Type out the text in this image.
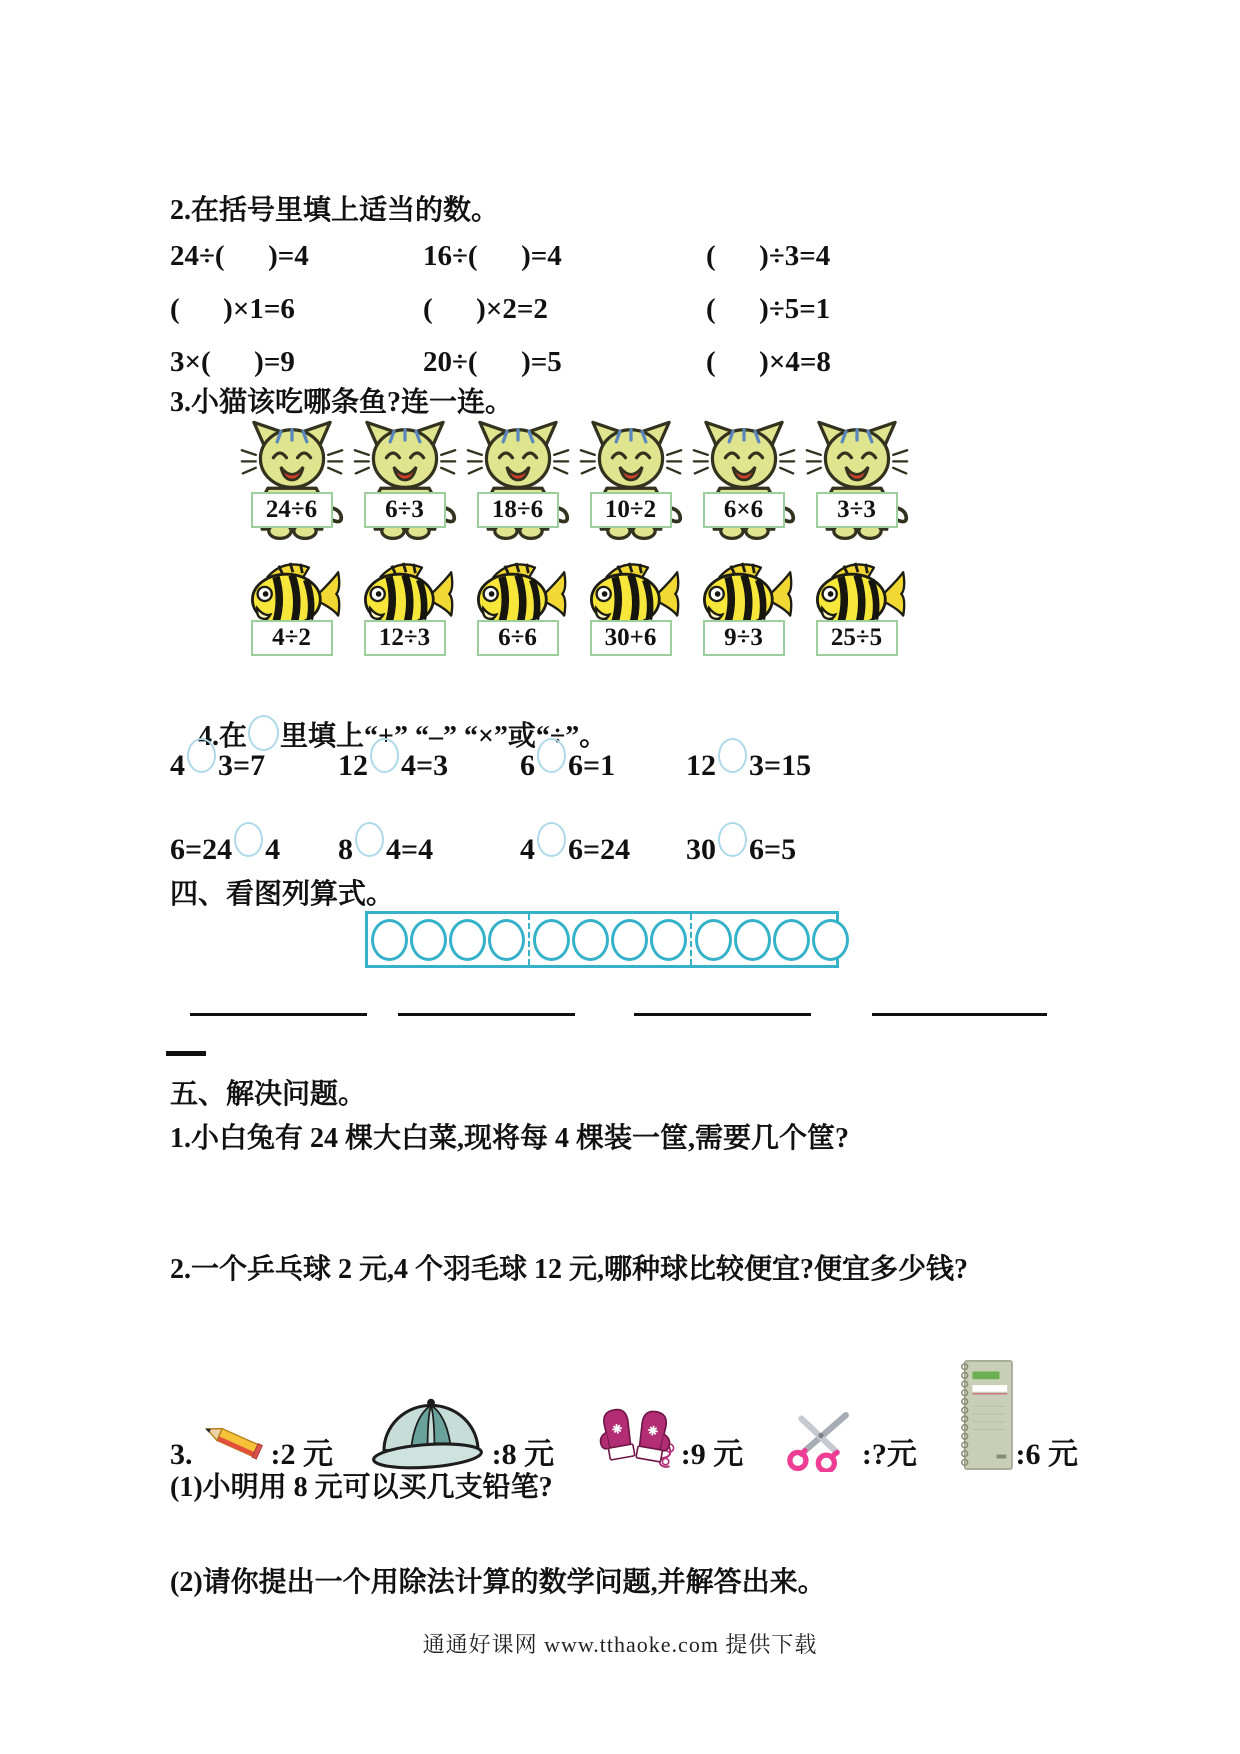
2.在括号里填上适当的数。
24÷(      )=4	16÷(      )=4	(      )÷3=4
(      )×1=6	(      )×2=2	(      )÷5=1
3×(      )=9	20÷(      )=5	(      )×4=8
3.小猫该吃哪条鱼?连一连。
24÷6	6÷3	18÷6	10÷2	6×6	3÷3
4÷2	12÷3	6÷6	30+6	9÷3	25÷5

4.在 里填上“+” “–” “×”或“÷”。

4 3=7	12 4=3	6 6=1	12 3=15
6=24 4	8 4=4	4 6=24	30 6=5
四、看图列算式。
五、解决问题。
1.小白兔有 24 棵大白菜,现将每 4 棵装一筐,需要几个筐?
2.一个乒乓球 2 元,4 个羽毛球 12 元,哪种球比较便宜?便宜多少钱?
3.	:2 元	:8 元	:9 元	:?元	:6 元
(1)小明用 8 元可以买几支铅笔?
(2)请你提出一个用除法计算的数学问题,并解答出来。
通通好课网 www.tthaoke.com 提供下载
